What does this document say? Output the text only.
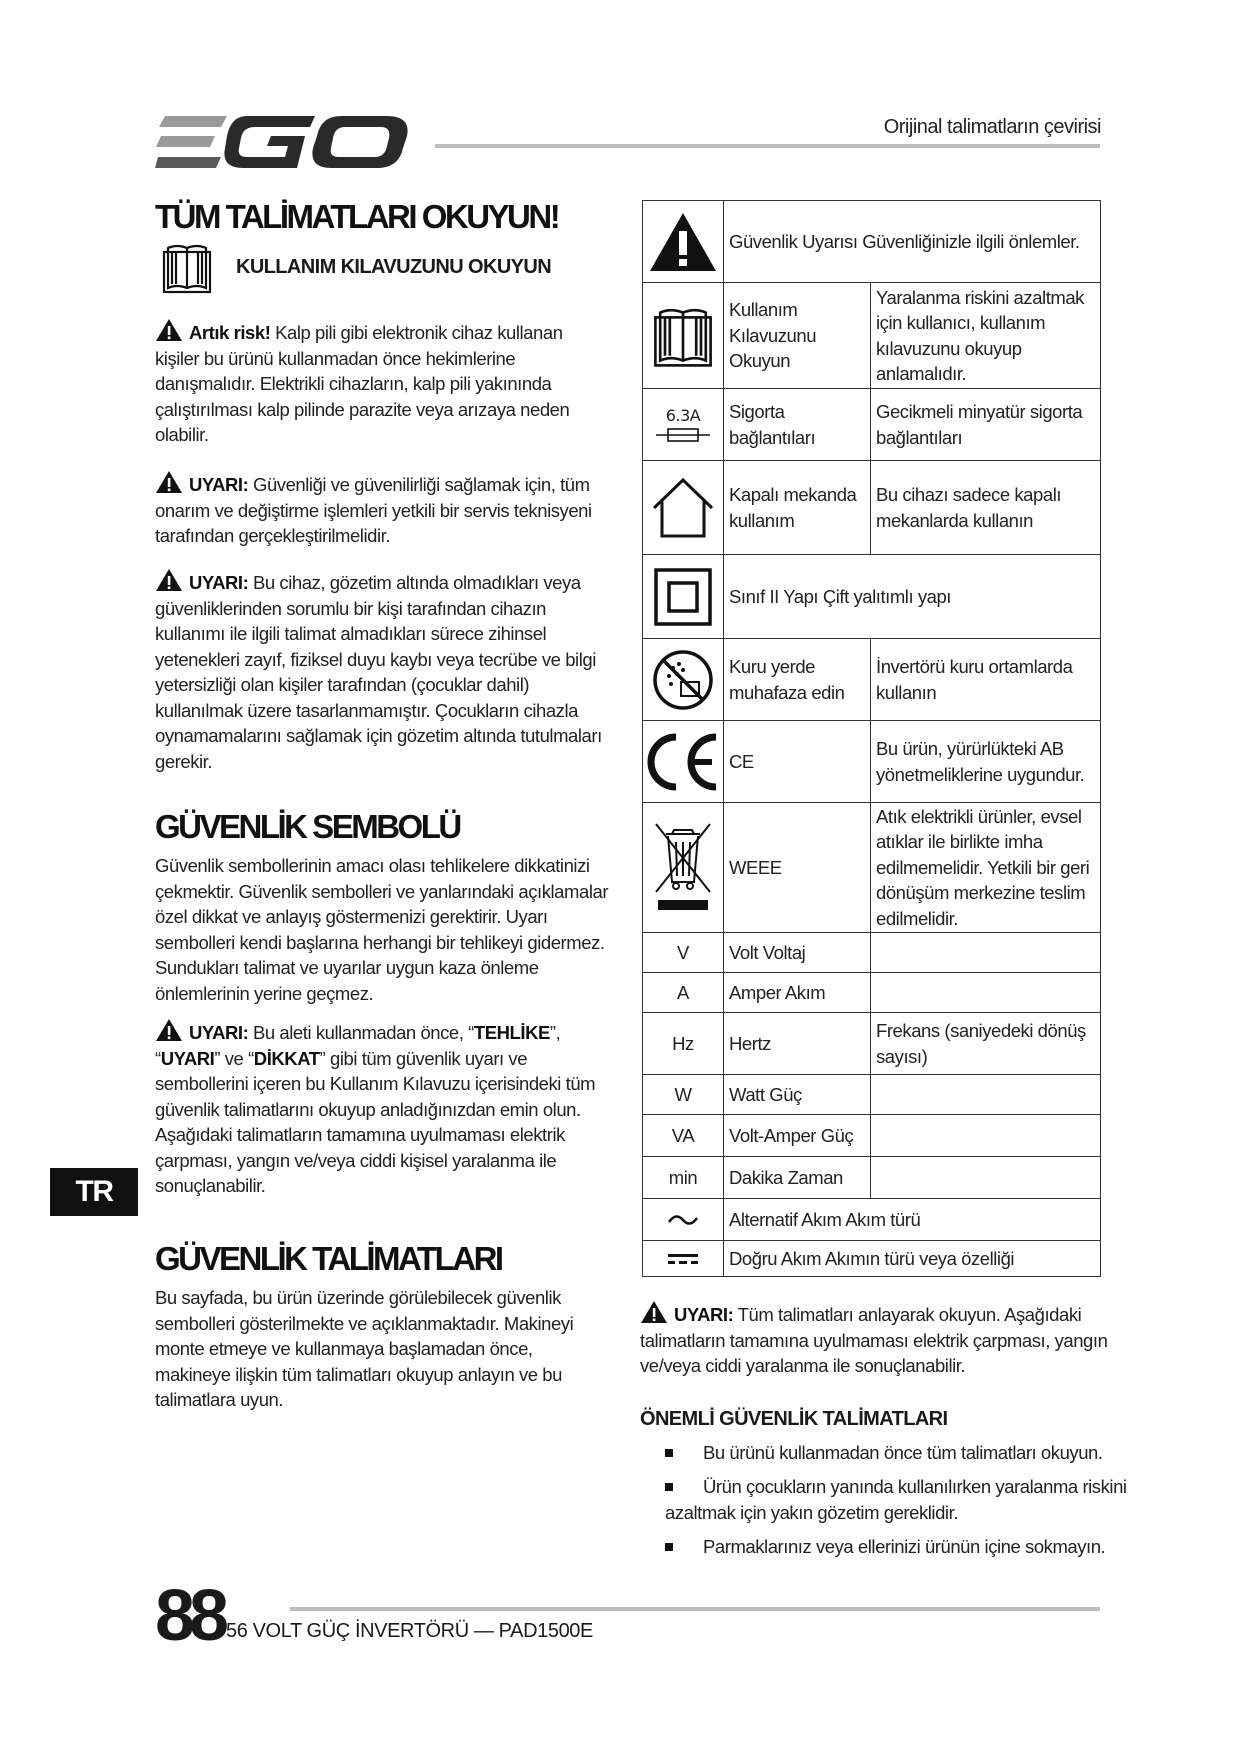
Orijinal talimatların çevirisi
TÜM TALİMATLARI OKUYUN!
KULLANIM KILAVUZUNU OKUYUN
Artık risk! Kalp pili gibi elektronik cihaz kullanan kişiler bu ürünü kullanmadan önce hekimlerine danışmalıdır. Elektrikli cihazların, kalp pili yakınında çalıştırılması kalp pilinde parazite veya arızaya neden olabilir.
UYARI: Güvenliği ve güvenilirliği sağlamak için, tüm onarım ve değiştirme işlemleri yetkili bir servis teknisyeni tarafından gerçekleştirilmelidir.
UYARI: Bu cihaz, gözetim altında olmadıkları veya güvenliklerinden sorumlu bir kişi tarafından cihazın kullanımı ile ilgili talimat almadıkları sürece zihinsel yetenekleri zayıf, fiziksel duyu kaybı veya tecrübe ve bilgi yetersizliği olan kişiler tarafından (çocuklar dahil) kullanılmak üzere tasarlanmamıştır. Çocukların cihazla oynamamalarını sağlamak için gözetim altında tutulmaları gerekir.
GÜVENLİK SEMBOLÜ
Güvenlik sembollerinin amacı olası tehlikelere dikkatinizi çekmektir. Güvenlik sembolleri ve yanlarındaki açıklamalar özel dikkat ve anlayış göstermenizi gerektirir. Uyarı sembolleri kendi başlarına herhangi bir tehlikeyi gidermez. Sundukları talimat ve uyarılar uygun kaza önleme önlemlerinin yerine geçmez.
UYARI: Bu aleti kullanmadan önce, “TEHLİKE”, “UYARI” ve “DİKKAT” gibi tüm güvenlik uyarı ve sembollerini içeren bu Kullanım Kılavuzu içerisindeki tüm güvenlik talimatlarını okuyup anladığınızdan emin olun. Aşağıdaki talimatların tamamına uyulmaması elektrik çarpması, yangın ve/veya ciddi kişisel yaralanma ile sonuçlanabilir.
GÜVENLİK TALİMATLARI
Bu sayfada, bu ürün üzerinde görülebilecek güvenlik sembolleri gösterilmekte ve açıklanmaktadır. Makineyi monte etmeye ve kullanmaya başlamadan önce, makineye ilişkin tüm talimatları okuyup anlayın ve bu talimatlara uyun.
TR
	Güvenlik Uyarısı Güvenliğinizle ilgili önlemler.	

	Kullanım Kılavuzunu Okuyun	Yaralanma riskini azaltmak için kullanıcı, kullanım kılavuzunu okuyup anlamalıdır.

6.3A	Sigorta bağlantıları	Gecikmeli minyatür sigorta bağlantıları

	Kapalı mekanda kullanım	Bu cihazı sadece kapalı mekanlarda kullanın

	Sınıf II Yapı Çift yalıtımlı yapı	

	Kuru yerde muhafaza edin	İnvertörü kuru ortamlarda kullanın

	CE	Bu ürün, yürürlükteki AB yönetmeliklerine uygundur.

	WEEE	Atık elektrikli ürünler, evsel atıklar ile birlikte imha edilmemelidir. Yetkili bir geri dönüşüm merkezine teslim edilmelidir.
V	Volt Voltaj	
A	Amper Akım	
Hz	Hertz	Frekans (saniyedeki dönüş sayısı)
W	Watt Güç	
VA	Volt-Amper Güç	
min	Dakika Zaman	

	Alternatif Akım Akım türü	

	Doğru Akım Akımın türü veya özelliği	
UYARI: Tüm talimatları anlayarak okuyun. Aşağıdaki talimatların tamamına uyulmaması elektrik çarpması, yangın ve/veya ciddi yaralanma ile sonuçlanabilir.
ÖNEMLİ GÜVENLİK TALİMATLARI
Bu ürünü kullanmadan önce tüm talimatları okuyun.
Ürün çocukların yanında kullanılırken yaralanma riskini azaltmak için yakın gözetim gereklidir.
Parmaklarınız veya ellerinizi ürünün içine sokmayın.
88 56 VOLT GÜÇ İNVERTÖRÜ — PAD1500E
